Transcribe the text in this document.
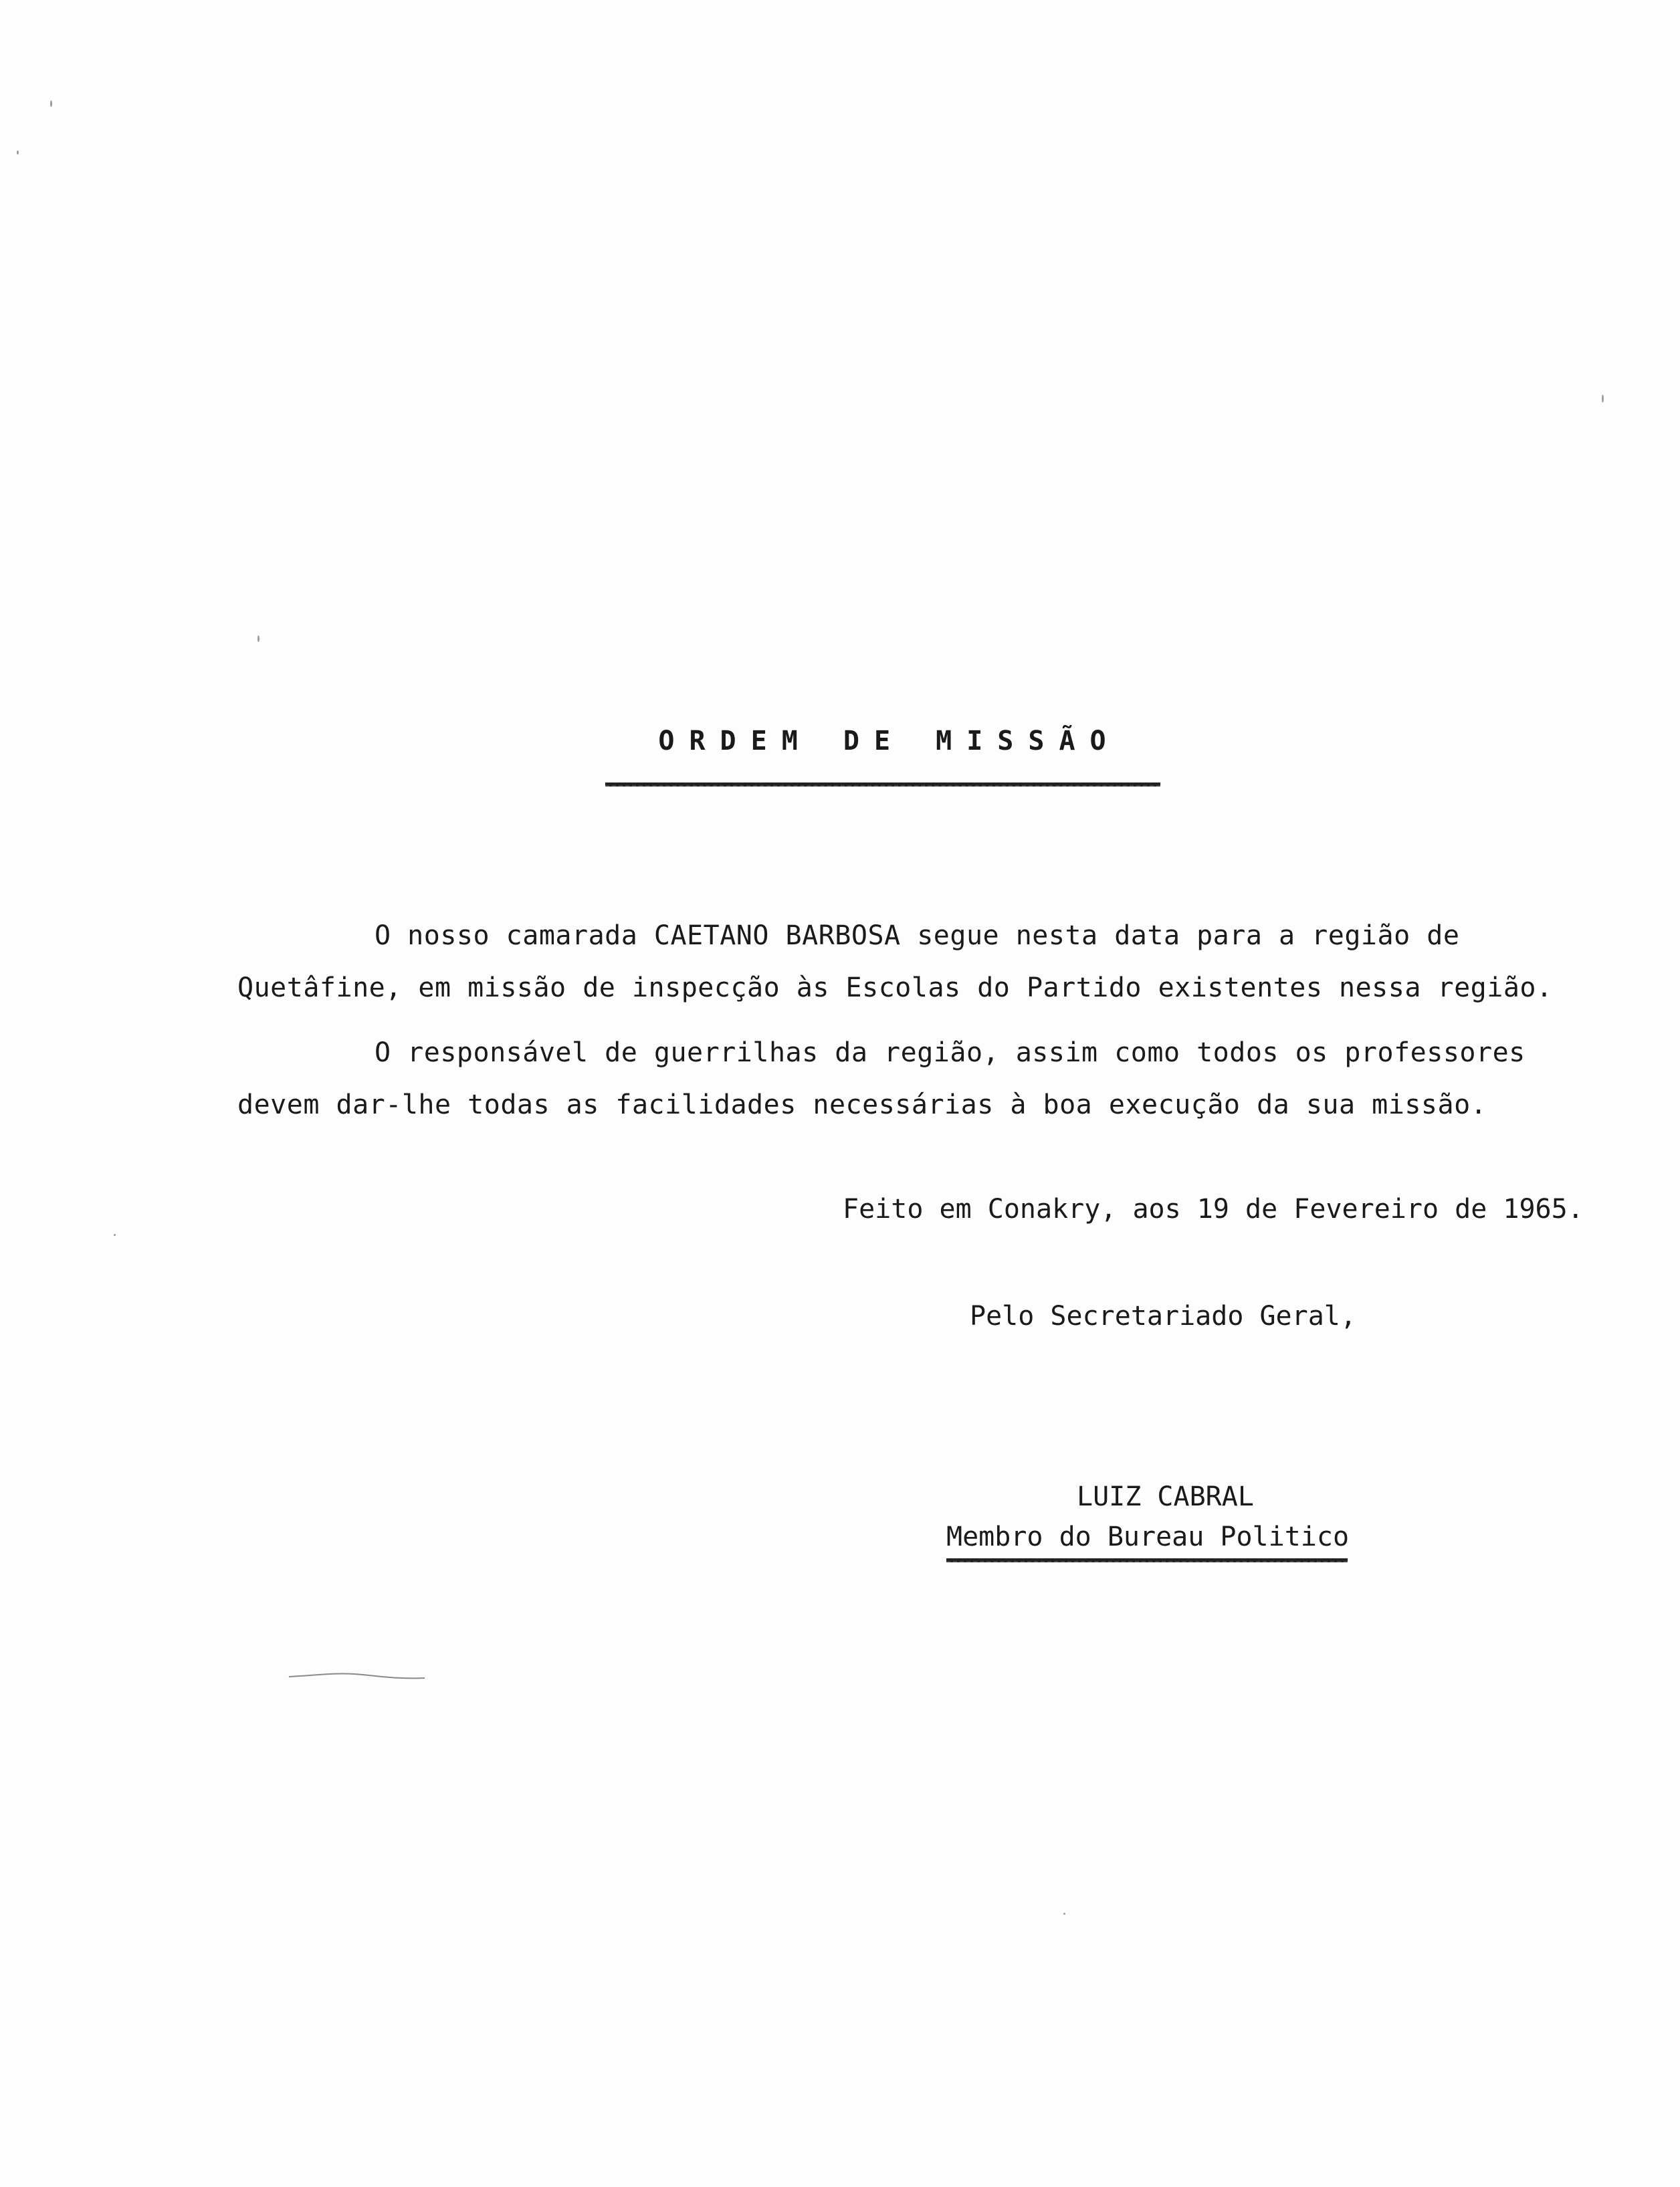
ORDEM DE MISSÃO
O nosso camarada CAETANO BARBOSA segue nesta data para a região de Quetâfine, em missão de inspecção às Escolas do Partido existentes nessa região.
O responsável de guerrilhas da região, assim como todos os professores devem dar-lhe todas as facilidades necessárias à boa execução da sua missão.
Feito em Conakry, aos 19 de Fevereiro de 1965.
Pelo Secretariado Geral,
LUIZ CABRAL
Membro do Bureau Politico
